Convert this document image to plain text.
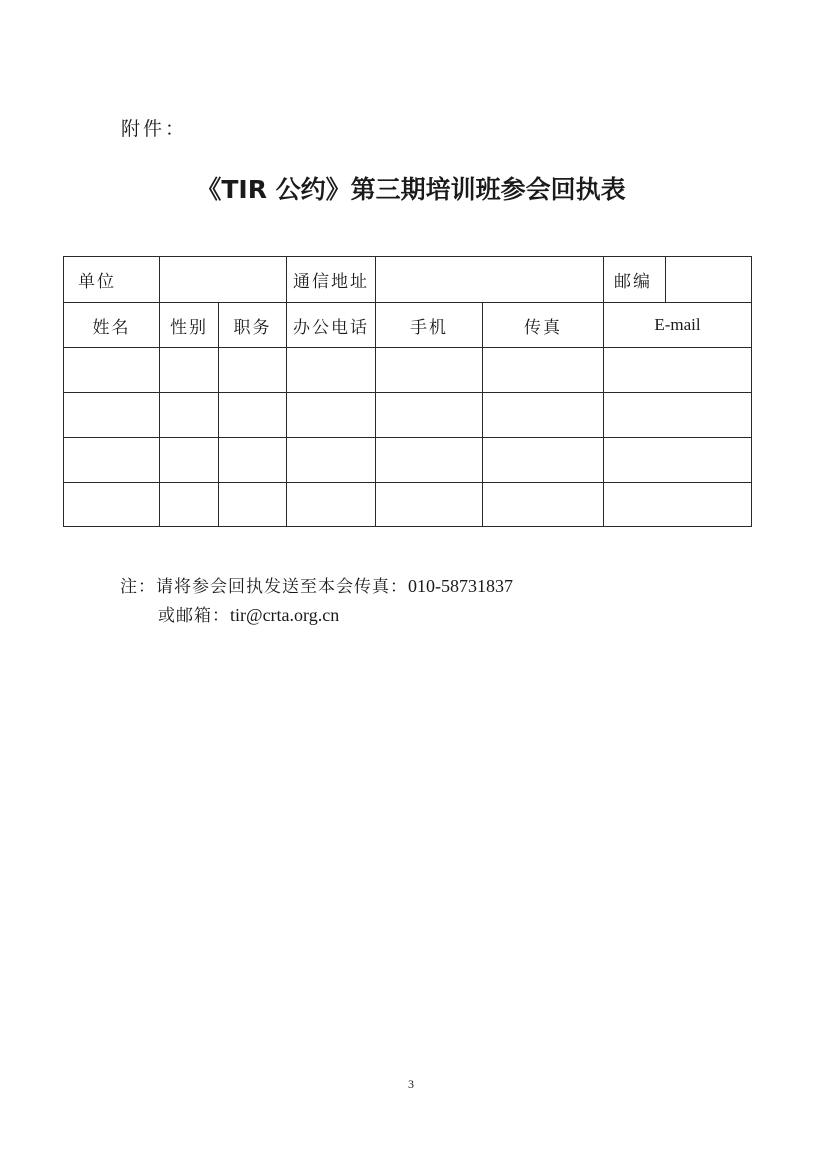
附件：
《TIR 公约》第三期培训班参会回执表
单位			通信地址			邮编	
姓名	性别	职务	办公电话	手机	传真	E-mail	

注：请将参会回执发送至本会传真：010-58731837
或邮箱：tir@crta.org.cn
3
